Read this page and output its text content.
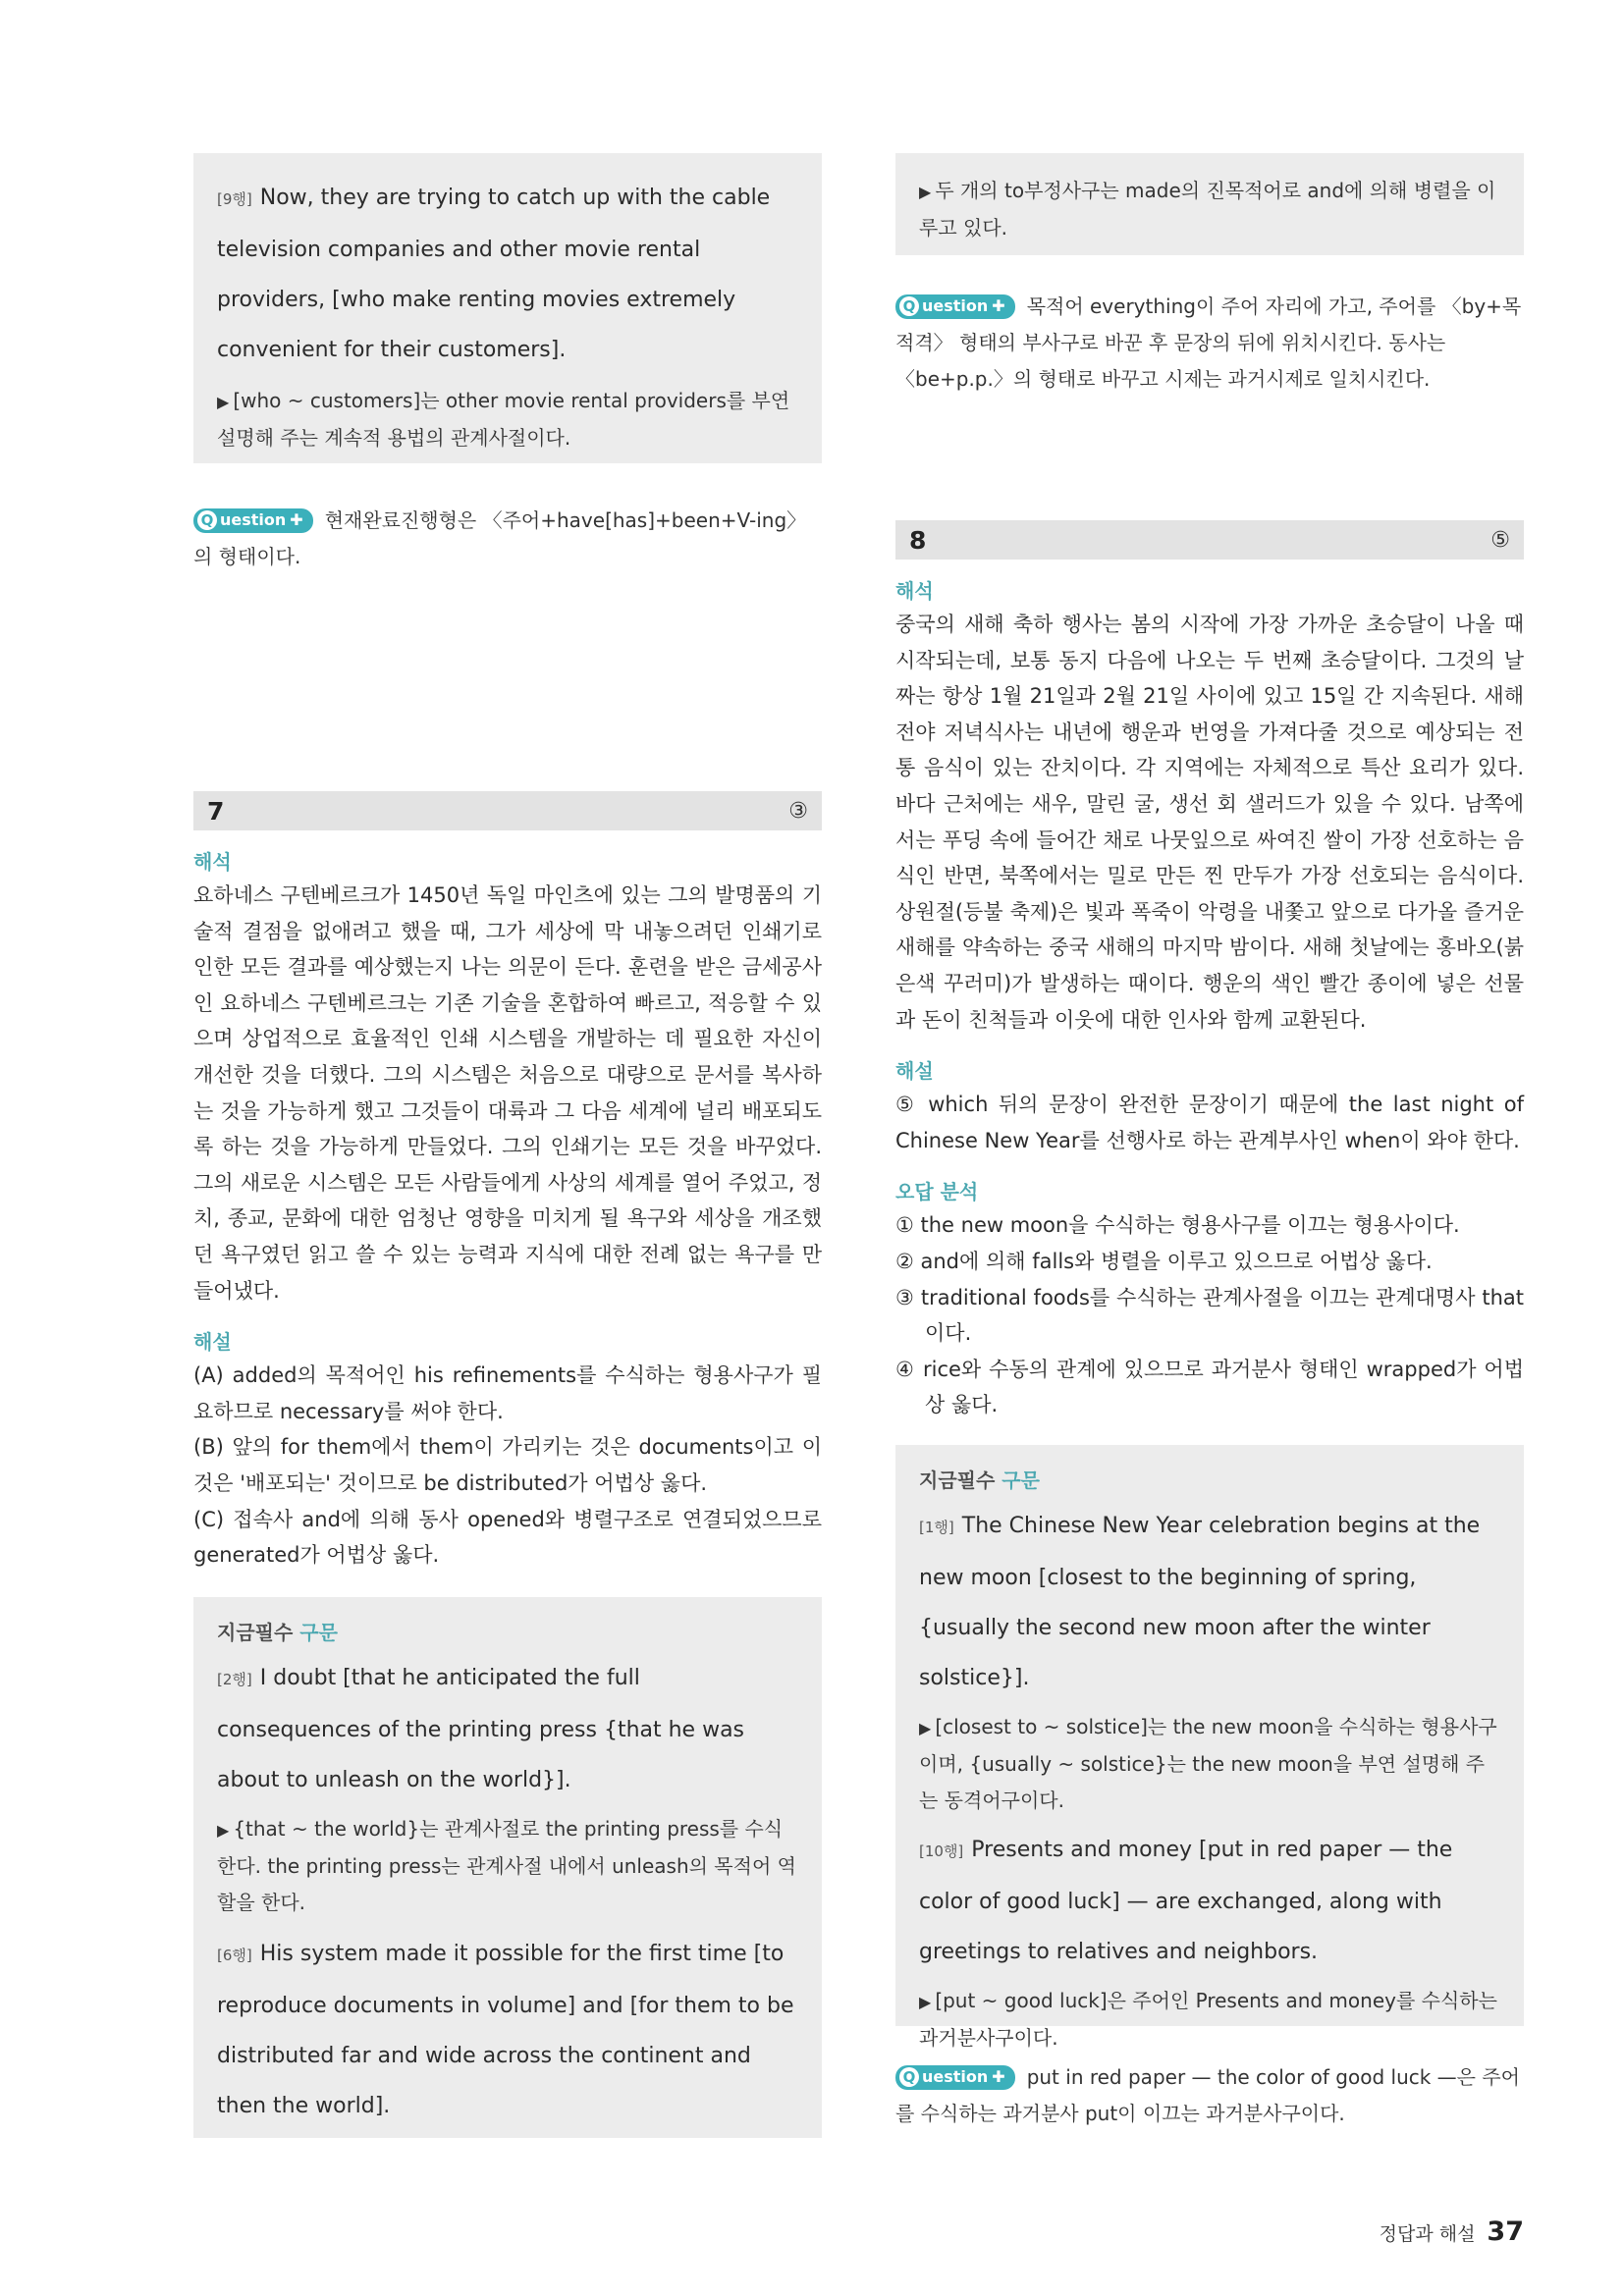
[9행] Now, they are trying to catch up with the cable television companies and other movie rental providers, [who make renting movies extremely convenient for their customers].
▶ [who ~ customers]는 other movie rental providers를 부연 설명해 주는 계속적 용법의 관계사절이다.
Q uestion ✚ 현재완료진행형은 〈주어+have[has]+been+V-ing〉의 형태이다.
7	③
해석
요하네스 구텐베르크가 1450년 독일 마인츠에 있는 그의 발명품의 기술적 결점을 없애려고 했을 때, 그가 세상에 막 내놓으려던 인쇄기로 인한 모든 결과를 예상했는지 나는 의문이 든다. 훈련을 받은 금세공사인 요하네스 구텐베르크는 기존 기술을 혼합하여 빠르고, 적응할 수 있으며 상업적으로 효율적인 인쇄 시스템을 개발하는 데 필요한 자신이 개선한 것을 더했다. 그의 시스템은 처음으로 대량으로 문서를 복사하는 것을 가능하게 했고 그것들이 대륙과 그 다음 세계에 널리 배포되도록 하는 것을 가능하게 만들었다. 그의 인쇄기는 모든 것을 바꾸었다. 그의 새로운 시스템은 모든 사람들에게 사상의 세계를 열어 주었고, 정치, 종교, 문화에 대한 엄청난 영향을 미치게 될 욕구와 세상을 개조했던 욕구였던 읽고 쓸 수 있는 능력과 지식에 대한 전례 없는 욕구를 만들어냈다.
해설
(A) added의 목적어인 his refinements를 수식하는 형용사구가 필요하므로 necessary를 써야 한다.
(B) 앞의 for them에서 them이 가리키는 것은 documents이고 이것은 '배포되는' 것이므로 be distributed가 어법상 옳다.
(C) 접속사 and에 의해 동사 opened와 병렬구조로 연결되었으므로 generated가 어법상 옳다.
지금필수 구문
[2행] I doubt [that he anticipated the full consequences of the printing press {that he was about to unleash on the world}].
▶ {that ~ the world}는 관계사절로 the printing press를 수식한다. the printing press는 관계사절 내에서 unleash의 목적어 역할을 한다.
[6행] His system made it possible for the first time [to reproduce documents in volume] and [for them to be distributed far and wide across the continent and then the world].
▶ 두 개의 to부정사구는 made의 진목적어로 and에 의해 병렬을 이루고 있다.
Q uestion ✚ 목적어 everything이 주어 자리에 가고, 주어를 〈by+목적격〉 형태의 부사구로 바꾼 후 문장의 뒤에 위치시킨다. 동사는 〈be+p.p.〉의 형태로 바꾸고 시제는 과거시제로 일치시킨다.
8	⑤
해석
중국의 새해 축하 행사는 봄의 시작에 가장 가까운 초승달이 나올 때 시작되는데, 보통 동지 다음에 나오는 두 번째 초승달이다. 그것의 날짜는 항상 1월 21일과 2월 21일 사이에 있고 15일 간 지속된다. 새해 전야 저녁식사는 내년에 행운과 번영을 가져다줄 것으로 예상되는 전통 음식이 있는 잔치이다. 각 지역에는 자체적으로 특산 요리가 있다. 바다 근처에는 새우, 말린 굴, 생선 회 샐러드가 있을 수 있다. 남쪽에서는 푸딩 속에 들어간 채로 나뭇잎으로 싸여진 쌀이 가장 선호하는 음식인 반면, 북쪽에서는 밀로 만든 찐 만두가 가장 선호되는 음식이다. 상원절(등불 축제)은 빛과 폭죽이 악령을 내쫓고 앞으로 다가올 즐거운 새해를 약속하는 중국 새해의 마지막 밤이다. 새해 첫날에는 홍바오(붉은색 꾸러미)가 발생하는 때이다. 행운의 색인 빨간 종이에 넣은 선물과 돈이 친척들과 이웃에 대한 인사와 함께 교환된다.
해설
⑤ which 뒤의 문장이 완전한 문장이기 때문에 the last night of Chinese New Year를 선행사로 하는 관계부사인 when이 와야 한다.
오답 분석
① the new moon을 수식하는 형용사구를 이끄는 형용사이다.
② and에 의해 falls와 병렬을 이루고 있으므로 어법상 옳다.
③ traditional foods를 수식하는 관계사절을 이끄는 관계대명사 that이다.
④ rice와 수동의 관계에 있으므로 과거분사 형태인 wrapped가 어법상 옳다.
지금필수 구문
[1행] The Chinese New Year celebration begins at the new moon [closest to the beginning of spring, {usually the second new moon after the winter solstice}].
▶ [closest to ~ solstice]는 the new moon을 수식하는 형용사구이며, {usually ~ solstice}는 the new moon을 부연 설명해 주는 동격어구이다.
[10행] Presents and money [put in red paper — the color of good luck] — are exchanged, along with greetings to relatives and neighbors.
▶ [put ~ good luck]은 주어인 Presents and money를 수식하는 과거분사구이다.
Q uestion ✚ put in red paper — the color of good luck —은 주어를 수식하는 과거분사 put이 이끄는 과거분사구이다.
정답과 해설 37
